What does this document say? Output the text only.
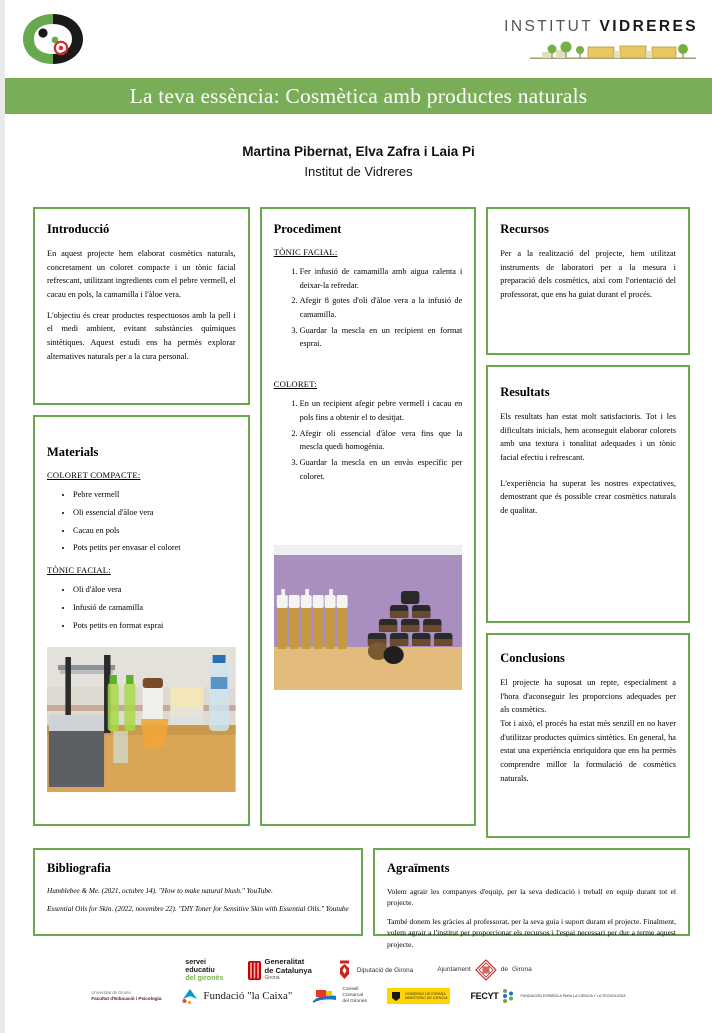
INSTITUT VIDRERES
La teva essència: Cosmètica amb productes naturals
Martina Pibernat, Elva Zafra i Laia Pi
Institut de Vidreres
Introducció

En aquest projecte hem elaborat cosmètics naturals, concretament un coloret compacte i un tònic facial refrescant, utilitzant ingredients com el pebre vermell, el cacau en pols, la camamilla i l'àloe vera.

L'objectiu és crear productes respectuosos amb la pell i el medi ambient, evitant substàncies químiques sintètiques. Aquest estudi ens ha permès explorar alternatives naturals per a la cura personal.

Materials
COLORET COMPACTE:
• Pebre vermell
• Oli essencial d'àloe vera
• Cacau en pols
• Pots petits per envasar el coloret
TÒNIC FACIAL:
• Oli d'àloe vera
• Infusió de camamilla
• Pots petits en format esprai
Procediment
TÒNIC FACIAL:
1. Fer infusió de camamilla amb aigua calenta i deixar-la refredar.
2. Afegir 8 gotes d'oli d'àloe vera a la infusió de camamilla.
3. Guardar la mescla en un recipient en format esprai.
COLORET:
1. En un recipient afegir pebre vermell i cacau en pols fins a obtenir el to desitjat.
2. Afegir oli essencial d'àloe vera fins que la mescla quedi homogènia.
3. Guardar la mescla en un envàs específic per coloret.
Recursos

Per a la realització del projecte, hem utilitzat instruments de laboratori per a la mesura i preparació dels cosmètics, així com l'orientació del professorat, que ens ha guiat durant el procés.

Resultats

Els resultats han estat molt satisfactoris. Tot i les dificultats inicials, hem aconseguit elaborar colorets amb una textura i tonalitat adequades i un tònic facial efectiu i refrescant.

L'experiència ha superat les nostres expectatives, demostrant que és possible crear cosmètics naturals de qualitat.

Conclusions

El projecte ha suposat un repte, especialment a l'hora d'aconseguir les proporcions adequades per als cosmètics.

Tot i això, el procés ha estat més senzill en no haver d'utilitzar productes químics sintètics. En general, ha estat una experiència enriquidora que ens ha permès comprendre millor la formulació de cosmètics naturals.

Bibliografia
Humblebee & Me. (2021, octubre 14). "How to make natural blush." YouTube.
Essential Oils for Skin. (2022, novembre 22). "DIY Toner for Sensitive Skin with Essential Oils." Youtube
Agraïments

Volem agrair les companyes d'equip, per la seva dedicació i treball en equip durant tot el projecte.

També donem les gràcies al professorat, per la seva guia i suport durant el projecte. Finalment, volem agrair a l'institut per proporcionar els recursos i l'espai necessari per dur a terme aquest projecte.

servei
educatiu
del gironès
Generalitat
de Catalunya
Girona
Diputació de Girona	Ajuntament	de Girona
Universitat de Girona
Facultat d'Educació i Psicologia	Fundació "la Caixa"
Consell
Comarcal
del Gironès
GOBIERNO DE ESPAÑA
MINISTERIO DE CIENCIA	FECYT	FUNDACIÓN ESPAÑOLA PARA LA CIENCIA Y LA TECNOLOGÍA
